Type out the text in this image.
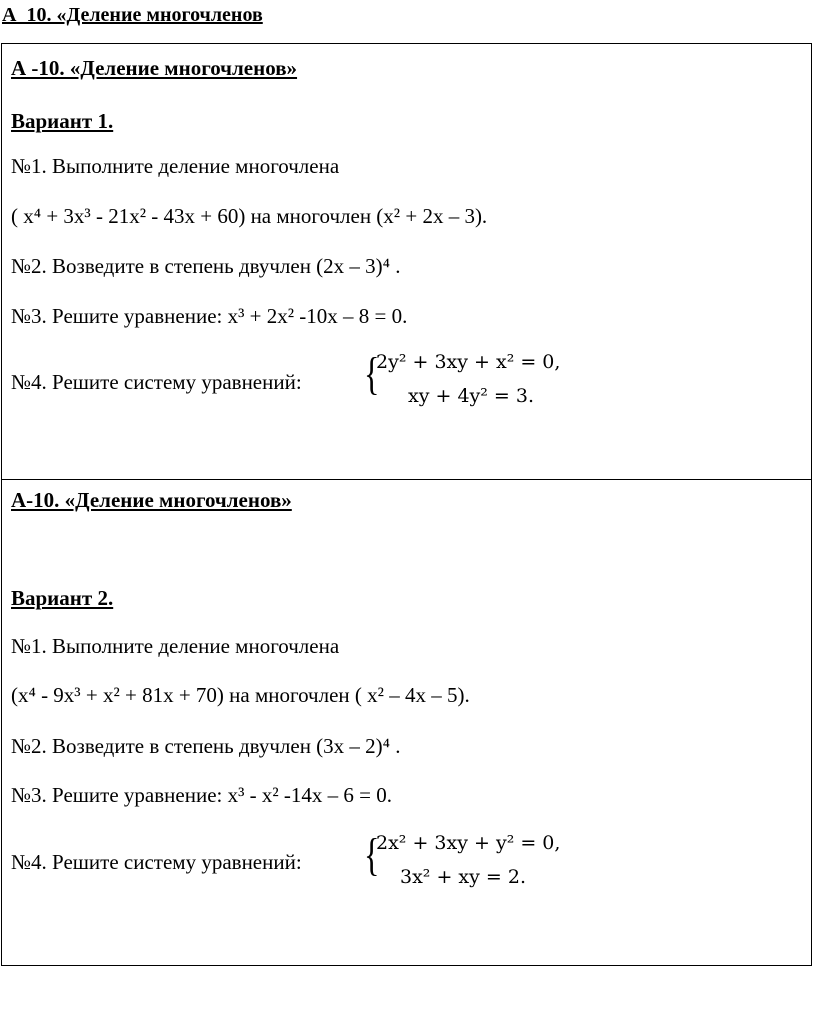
А_10. «Деление многочленов
А -10. «Деление многочленов»
Вариант 1.
№1. Выполните деление многочлена
( x⁴ + 3x³ - 21x² - 43x + 60) на многочлен (x² + 2x – 3).
№2. Возведите в степень двучлен (2x – 3)⁴ .
№3. Решите уравнение: x³ + 2x² -10x – 8 = 0.
№4. Решите систему уравнений: {
2y² + 3xy + x² = 0,
xy + 4y² = 3.
А-10. «Деление многочленов»
Вариант 2.
№1. Выполните деление многочлена
(x⁴ - 9x³ + x² + 81x + 70) на многочлен ( x² – 4x – 5).
№2. Возведите в степень двучлен (3x – 2)⁴ .
№3. Решите уравнение: x³ - x² -14x – 6 = 0.
№4. Решите систему уравнений: {
2x² + 3xy + y² = 0,
3x² + xy = 2.
